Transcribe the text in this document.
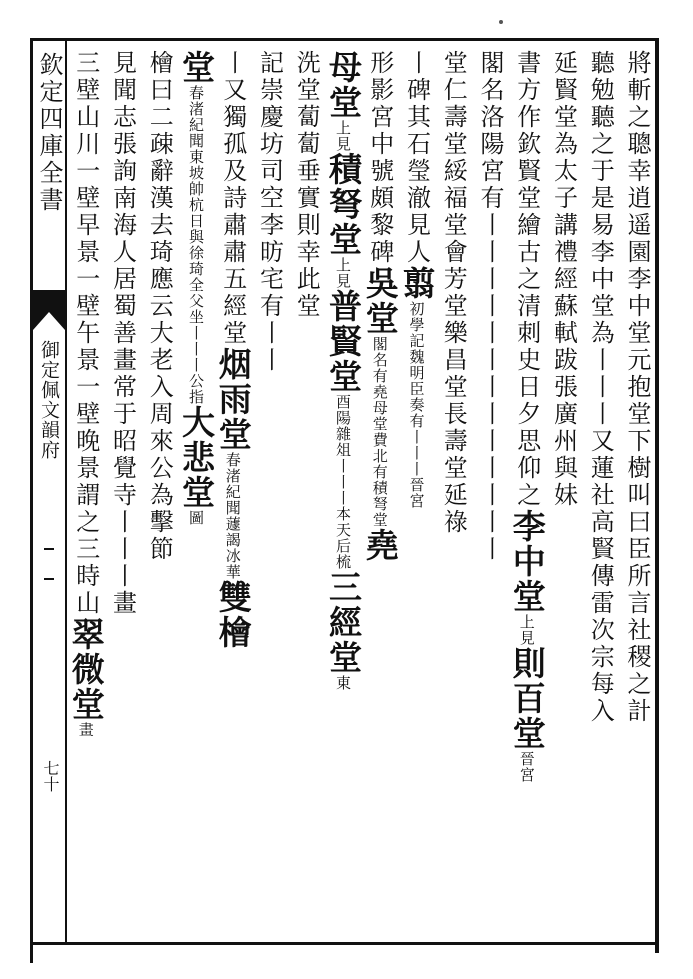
欽定四庫全書
御定佩文韻府
七十
將斬之聰幸逍遥園李中堂元抱堂下樹叫曰臣所言社稷之計
聽勉聽之于是易李中堂為丨丨丨又蓮社高賢傳雷次宗每入
延賢堂為太子講禮經蘇軾跋張廣州與妹
書方作欽賢堂繪古之清刺史日夕思仰之李中堂上見則百堂晉宮
閣名洛陽宮有丨丨丨丨丨丨丨丨丨丨丨丨丨
堂仁壽堂綏福堂會芳堂樂昌堂長壽堂延祿
丨碑其石瑩澈見人翦初學記魏明臣奏有丨丨丨晉宮
形影宮中號頗黎碑吳堂閣名有堯母堂費北有積弩堂堯
母堂上見積弩堂上見普賢堂酉陽雜俎丨丨丨本天后梳三經堂東
洗堂蔔蔔垂實則幸此堂
記崇慶坊司空李昉宅有丨丨
丨又獨孤及詩肅肅五經堂烟雨堂春渚紀聞蘧謁冰華雙檜
堂春渚紀聞東坡帥杭日與徐琦全父坐丨丨丨公指大悲堂圖
檜曰二疎辭漢去琦應云大老入周來公為擊節
見聞志張詢南海人居蜀善畫常于昭覺寺丨丨丨畫
三壁山川一壁早景一壁午景一壁晚景謂之三時山翠微堂畫
